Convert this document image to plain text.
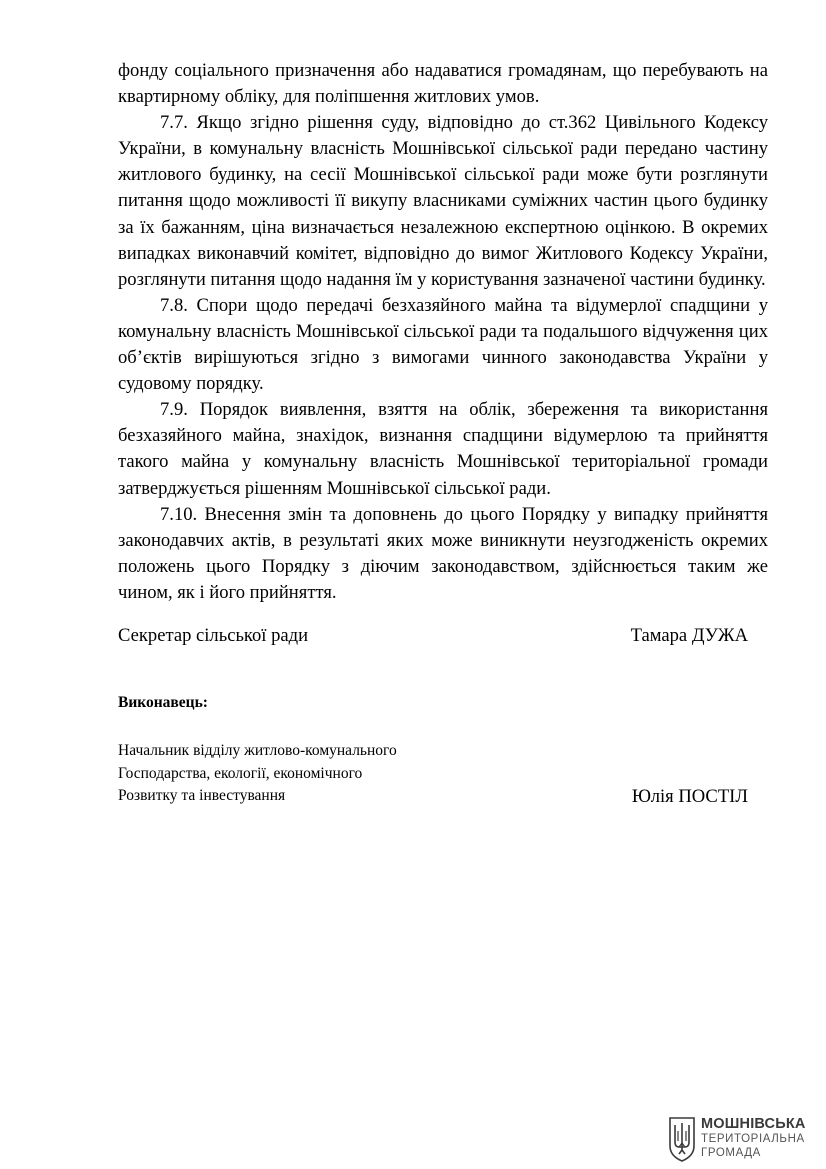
фонду соціального призначення або надаватися громадянам, що перебувають на квартирному обліку, для поліпшення житлових умов.

7.7. Якщо згідно рішення суду, відповідно до ст.362 Цивільного Кодексу України, в комунальну власність Мошнівської сільської ради передано частину житлового будинку, на сесії Мошнівської сільської ради може бути розглянути питання щодо можливості її викупу власниками суміжних частин цього будинку за їх бажанням, ціна визначається незалежною експертною оцінкою. В окремих випадках виконавчий комітет, відповідно до вимог Житлового Кодексу України, розглянути питання щодо надання їм у користування зазначеної частини будинку.

7.8. Спори щодо передачі безхазяйного майна та відумерлої спадщини у комунальну власність Мошнівської сільської ради та подальшого відчуження цих об’єктів вирішуються згідно з вимогами чинного законодавства України у судовому порядку.

7.9. Порядок виявлення, взяття на облік, збереження та використання безхазяйного майна, знахідок, визнання спадщини відумерлою та прийняття такого майна у комунальну власність Мошнівської територіальної громади затверджується рішенням Мошнівської сільської ради.

7.10. Внесення змін та доповнень до цього Порядку у випадку прийняття законодавчих актів, в результаті яких може виникнути неузгодженість окремих положень цього Порядку з діючим законодавством, здійснюється таким же чином, як і його прийняття.

Секретар сільської ради	Тамара ДУЖА
Виконавець:
Начальник відділу житлово-комунального
Господарства, екології, економічного
Розвитку та інвестування	Юлія ПОСТІЛ
МОШНІВСЬКА
ТЕРИТОРІАЛЬНА
ГРОМАДА
